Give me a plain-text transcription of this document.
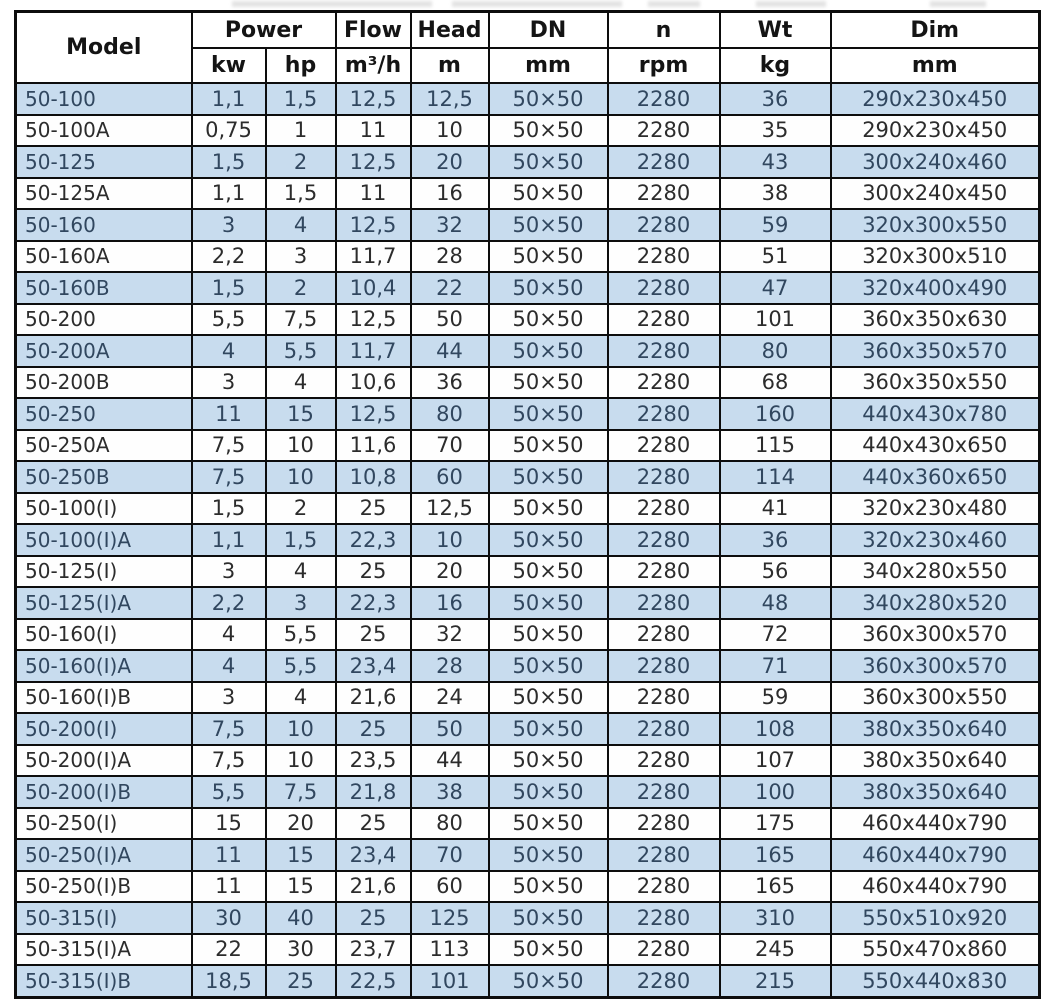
Model	Power		Flow	Head	DN	n	Wt	Dim
	kw	hp	m³/h	m	mm	rpm	kg	mm
50-100	1,1	1,5	12,5	12,5	50×50	2280	36	290x230x450
50-100A	0,75	1	11	10	50×50	2280	35	290x230x450
50-125	1,5	2	12,5	20	50×50	2280	43	300x240x460
50-125A	1,1	1,5	11	16	50×50	2280	38	300x240x450
50-160	3	4	12,5	32	50×50	2280	59	320x300x550
50-160A	2,2	3	11,7	28	50×50	2280	51	320x300x510
50-160B	1,5	2	10,4	22	50×50	2280	47	320x400x490
50-200	5,5	7,5	12,5	50	50×50	2280	101	360x350x630
50-200A	4	5,5	11,7	44	50×50	2280	80	360x350x570
50-200B	3	4	10,6	36	50×50	2280	68	360x350x550
50-250	11	15	12,5	80	50×50	2280	160	440x430x780
50-250A	7,5	10	11,6	70	50×50	2280	115	440x430x650
50-250B	7,5	10	10,8	60	50×50	2280	114	440x360x650
50-100(I)	1,5	2	25	12,5	50×50	2280	41	320x230x480
50-100(I)A	1,1	1,5	22,3	10	50×50	2280	36	320x230x460
50-125(I)	3	4	25	20	50×50	2280	56	340x280x550
50-125(I)A	2,2	3	22,3	16	50×50	2280	48	340x280x520
50-160(I)	4	5,5	25	32	50×50	2280	72	360x300x570
50-160(I)A	4	5,5	23,4	28	50×50	2280	71	360x300x570
50-160(I)B	3	4	21,6	24	50×50	2280	59	360x300x550
50-200(I)	7,5	10	25	50	50×50	2280	108	380x350x640
50-200(I)A	7,5	10	23,5	44	50×50	2280	107	380x350x640
50-200(I)B	5,5	7,5	21,8	38	50×50	2280	100	380x350x640
50-250(I)	15	20	25	80	50×50	2280	175	460x440x790
50-250(I)A	11	15	23,4	70	50×50	2280	165	460x440x790
50-250(I)B	11	15	21,6	60	50×50	2280	165	460x440x790
50-315(I)	30	40	25	125	50×50	2280	310	550x510x920
50-315(I)A	22	30	23,7	113	50×50	2280	245	550x470x860
50-315(I)B	18,5	25	22,5	101	50×50	2280	215	550x440x830
